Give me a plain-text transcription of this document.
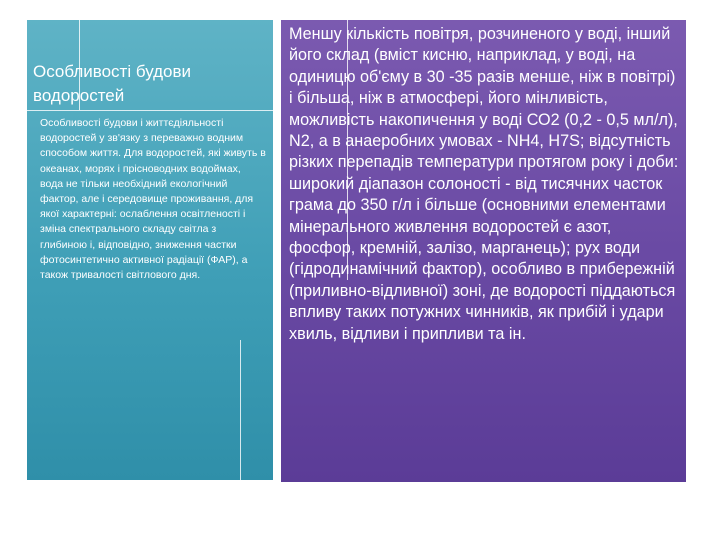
Особливості будови водоростей

Особливості будови і життєдіяльності водоростей у зв'язку з переважно водним способом життя. Для водоростей, які живуть в океанах, морях і прісноводних водоймах, вода не тільки необхідний екологічний фактор, але і середовище проживання, для якої характерні: ослаблення освітленості і зміна спектрального складу світла з глибиною і, відповідно, зниження частки фотосинтетично активної радіації (ФАР), а також тривалості світлового дня.

Меншу кількість повітря, розчиненого у воді, інший його склад (вміст кисню, наприклад, у воді, на одиницю об'єму в 30 -35 разів менше, ніж в повітрі) і більша, ніж в атмосфері, його мінливість, можливість накопичення у воді СО2 (0,2 - 0,5 мл/л), N2, а в анаеробних умовах - NH4, H7S; відсутність різких перепадів температури протягом року і доби: широкий діапазон солоності - від тисячних часток грама до 350 г/л і більше (основними елементами мінерального живлення водоростей є азот, фосфор, кремній, залізо, марганець); рух води (гідродинамічний фактор), особливо в прибережній (приливно-відливної) зоні, де водорості піддаються впливу таких потужних чинників, як прибій і удари хвиль, відливи і припливи та ін.
